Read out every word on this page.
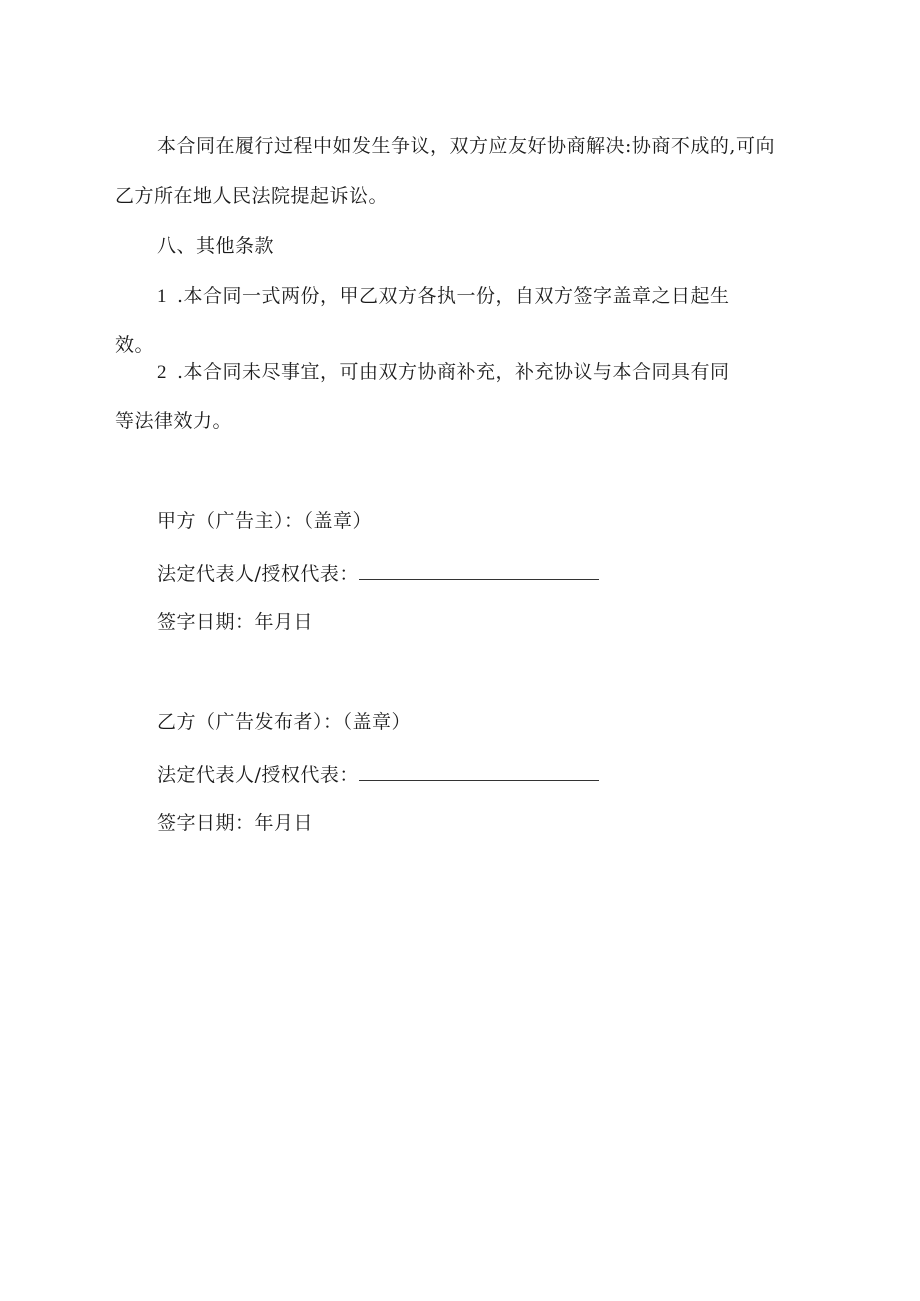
本合同在履行过程中如发生争议，双方应友好协商解决:协商不成的,可向
乙方所在地人民法院提起诉讼。
八、其他条款
1 .本合同一式两份，甲乙双方各执一份，自双方签字盖章之日起生
效。
2 .本合同未尽事宜，可由双方协商补充，补充协议与本合同具有同
等法律效力。
甲方（广告主）：（盖章）
法定代表人/授权代表：
签字日期：年月日
乙方（广告发布者）：（盖章）
法定代表人/授权代表：
签字日期：年月日
